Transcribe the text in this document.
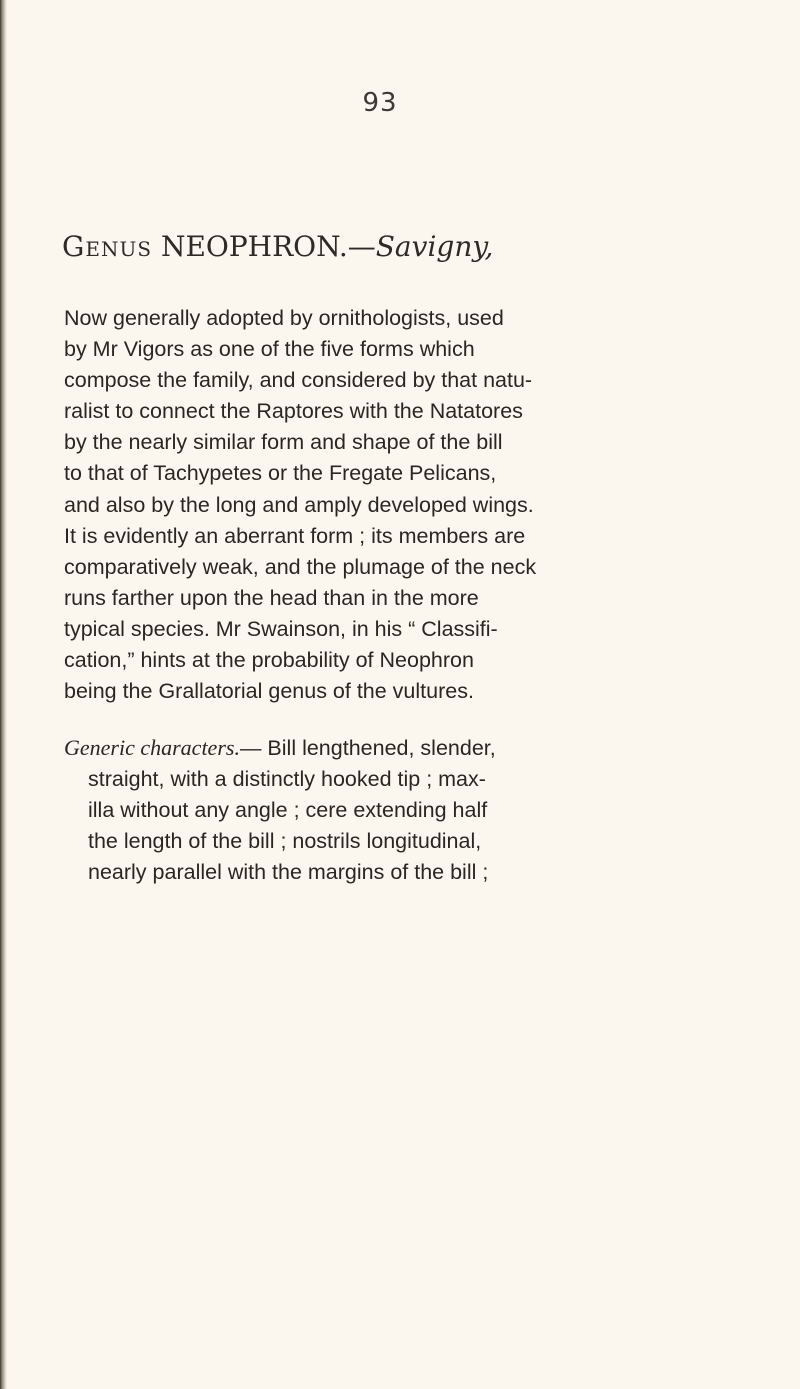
93
Genus NEOPHRON.—Savigny,
Now generally adopted by ornithologists, used
by Mr Vigors as one of the five forms which
compose the family, and considered by that natu-
ralist to connect the Raptores with the Natatores
by the nearly similar form and shape of the bill
to that of Tachypetes or the Fregate Pelicans,
and also by the long and amply developed wings.
It is evidently an aberrant form ; its members are
comparatively weak, and the plumage of the neck
runs farther upon the head than in the more
typical species. Mr Swainson, in his “ Classifi-
cation,” hints at the probability of Neophron
being the Grallatorial genus of the vultures.
Generic characters.— Bill lengthened, slender,
straight, with a distinctly hooked tip ; max-
illa without any angle ; cere extending half
the length of the bill ; nostrils longitudinal,
nearly parallel with the margins of the bill ;
